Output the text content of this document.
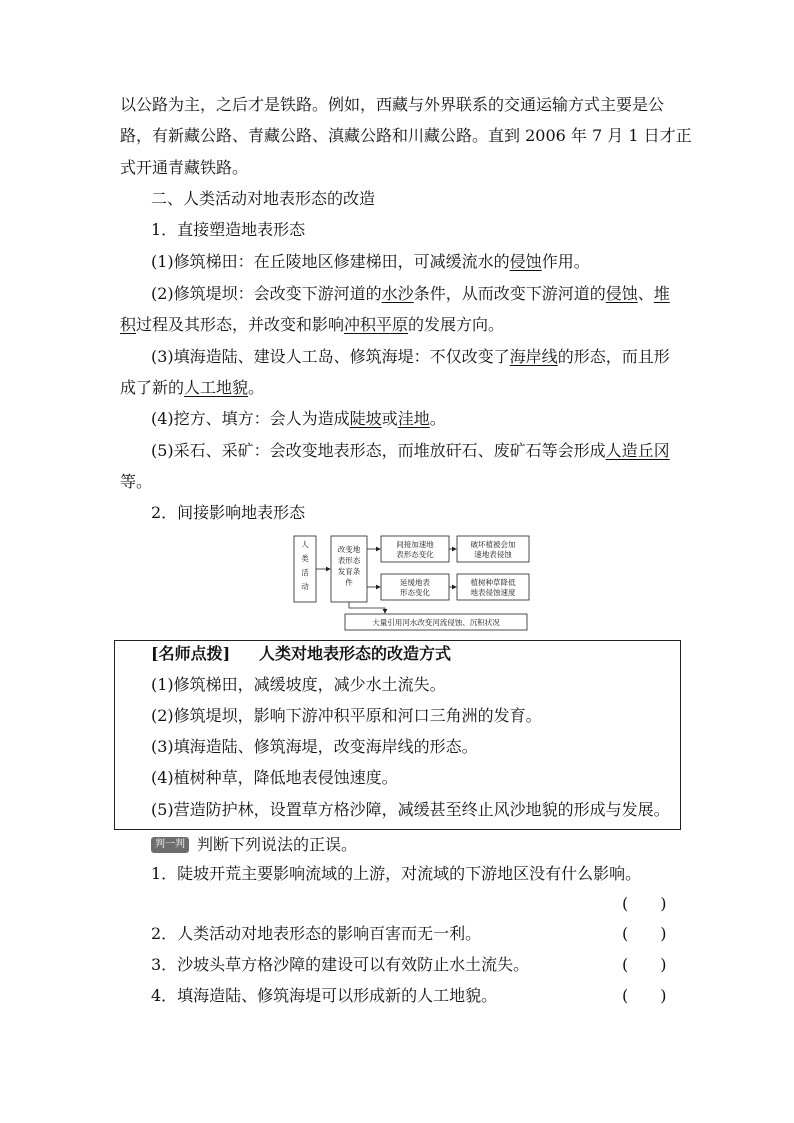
以公路为主，之后才是铁路。例如，西藏与外界联系的交通运输方式主要是公
路，有新藏公路、青藏公路、滇藏公路和川藏公路。直到 2006 年 7 月 1 日才正
式开通青藏铁路。
二、人类活动对地表形态的改造
1．直接塑造地表形态
(1)修筑梯田：在丘陵地区修建梯田，可减缓流水的侵蚀作用。
(2)修筑堤坝：会改变下游河道的水沙条件，从而改变下游河道的侵蚀、堆
积过程及其形态，并改变和影响冲积平原的发展方向。
(3)填海造陆、建设人工岛、修筑海堤：不仅改变了海岸线的形态，而且形
成了新的人工地貌。
(4)挖方、填方：会人为造成陡坡或洼地。
(5)采石、采矿：会改变地表形态，而堆放矸石、废矿石等会形成人造丘冈
等。
2．间接影响地表形态
人
类
活
动
改变地
表形态
发育条
件
间接加速地
表形态变化
破坏植被会加
速地表侵蚀
延缓地表
形态变化
植树种草降低
地表侵蚀速度
大量引用河水改变河流侵蚀、沉积状况
[名师点拨] 人类对地表形态的改造方式
(1)修筑梯田，减缓坡度，减少水土流失。
(2)修筑堤坝，影响下游冲积平原和河口三角洲的发育。
(3)填海造陆、修筑海堤，改变海岸线的形态。
(4)植树种草，降低地表侵蚀速度。
(5)营造防护林，设置草方格沙障，减缓甚至终止风沙地貌的形成与发展。
判一判 判断下列说法的正误。
1．陡坡开荒主要影响流域的上游，对流域的下游地区没有什么影响。
(　　)
2．人类活动对地表形态的影响百害而无一利。	(　　)
3．沙坡头草方格沙障的建设可以有效防止水土流失。	(　　)
4．填海造陆、修筑海堤可以形成新的人工地貌。	(　　)
